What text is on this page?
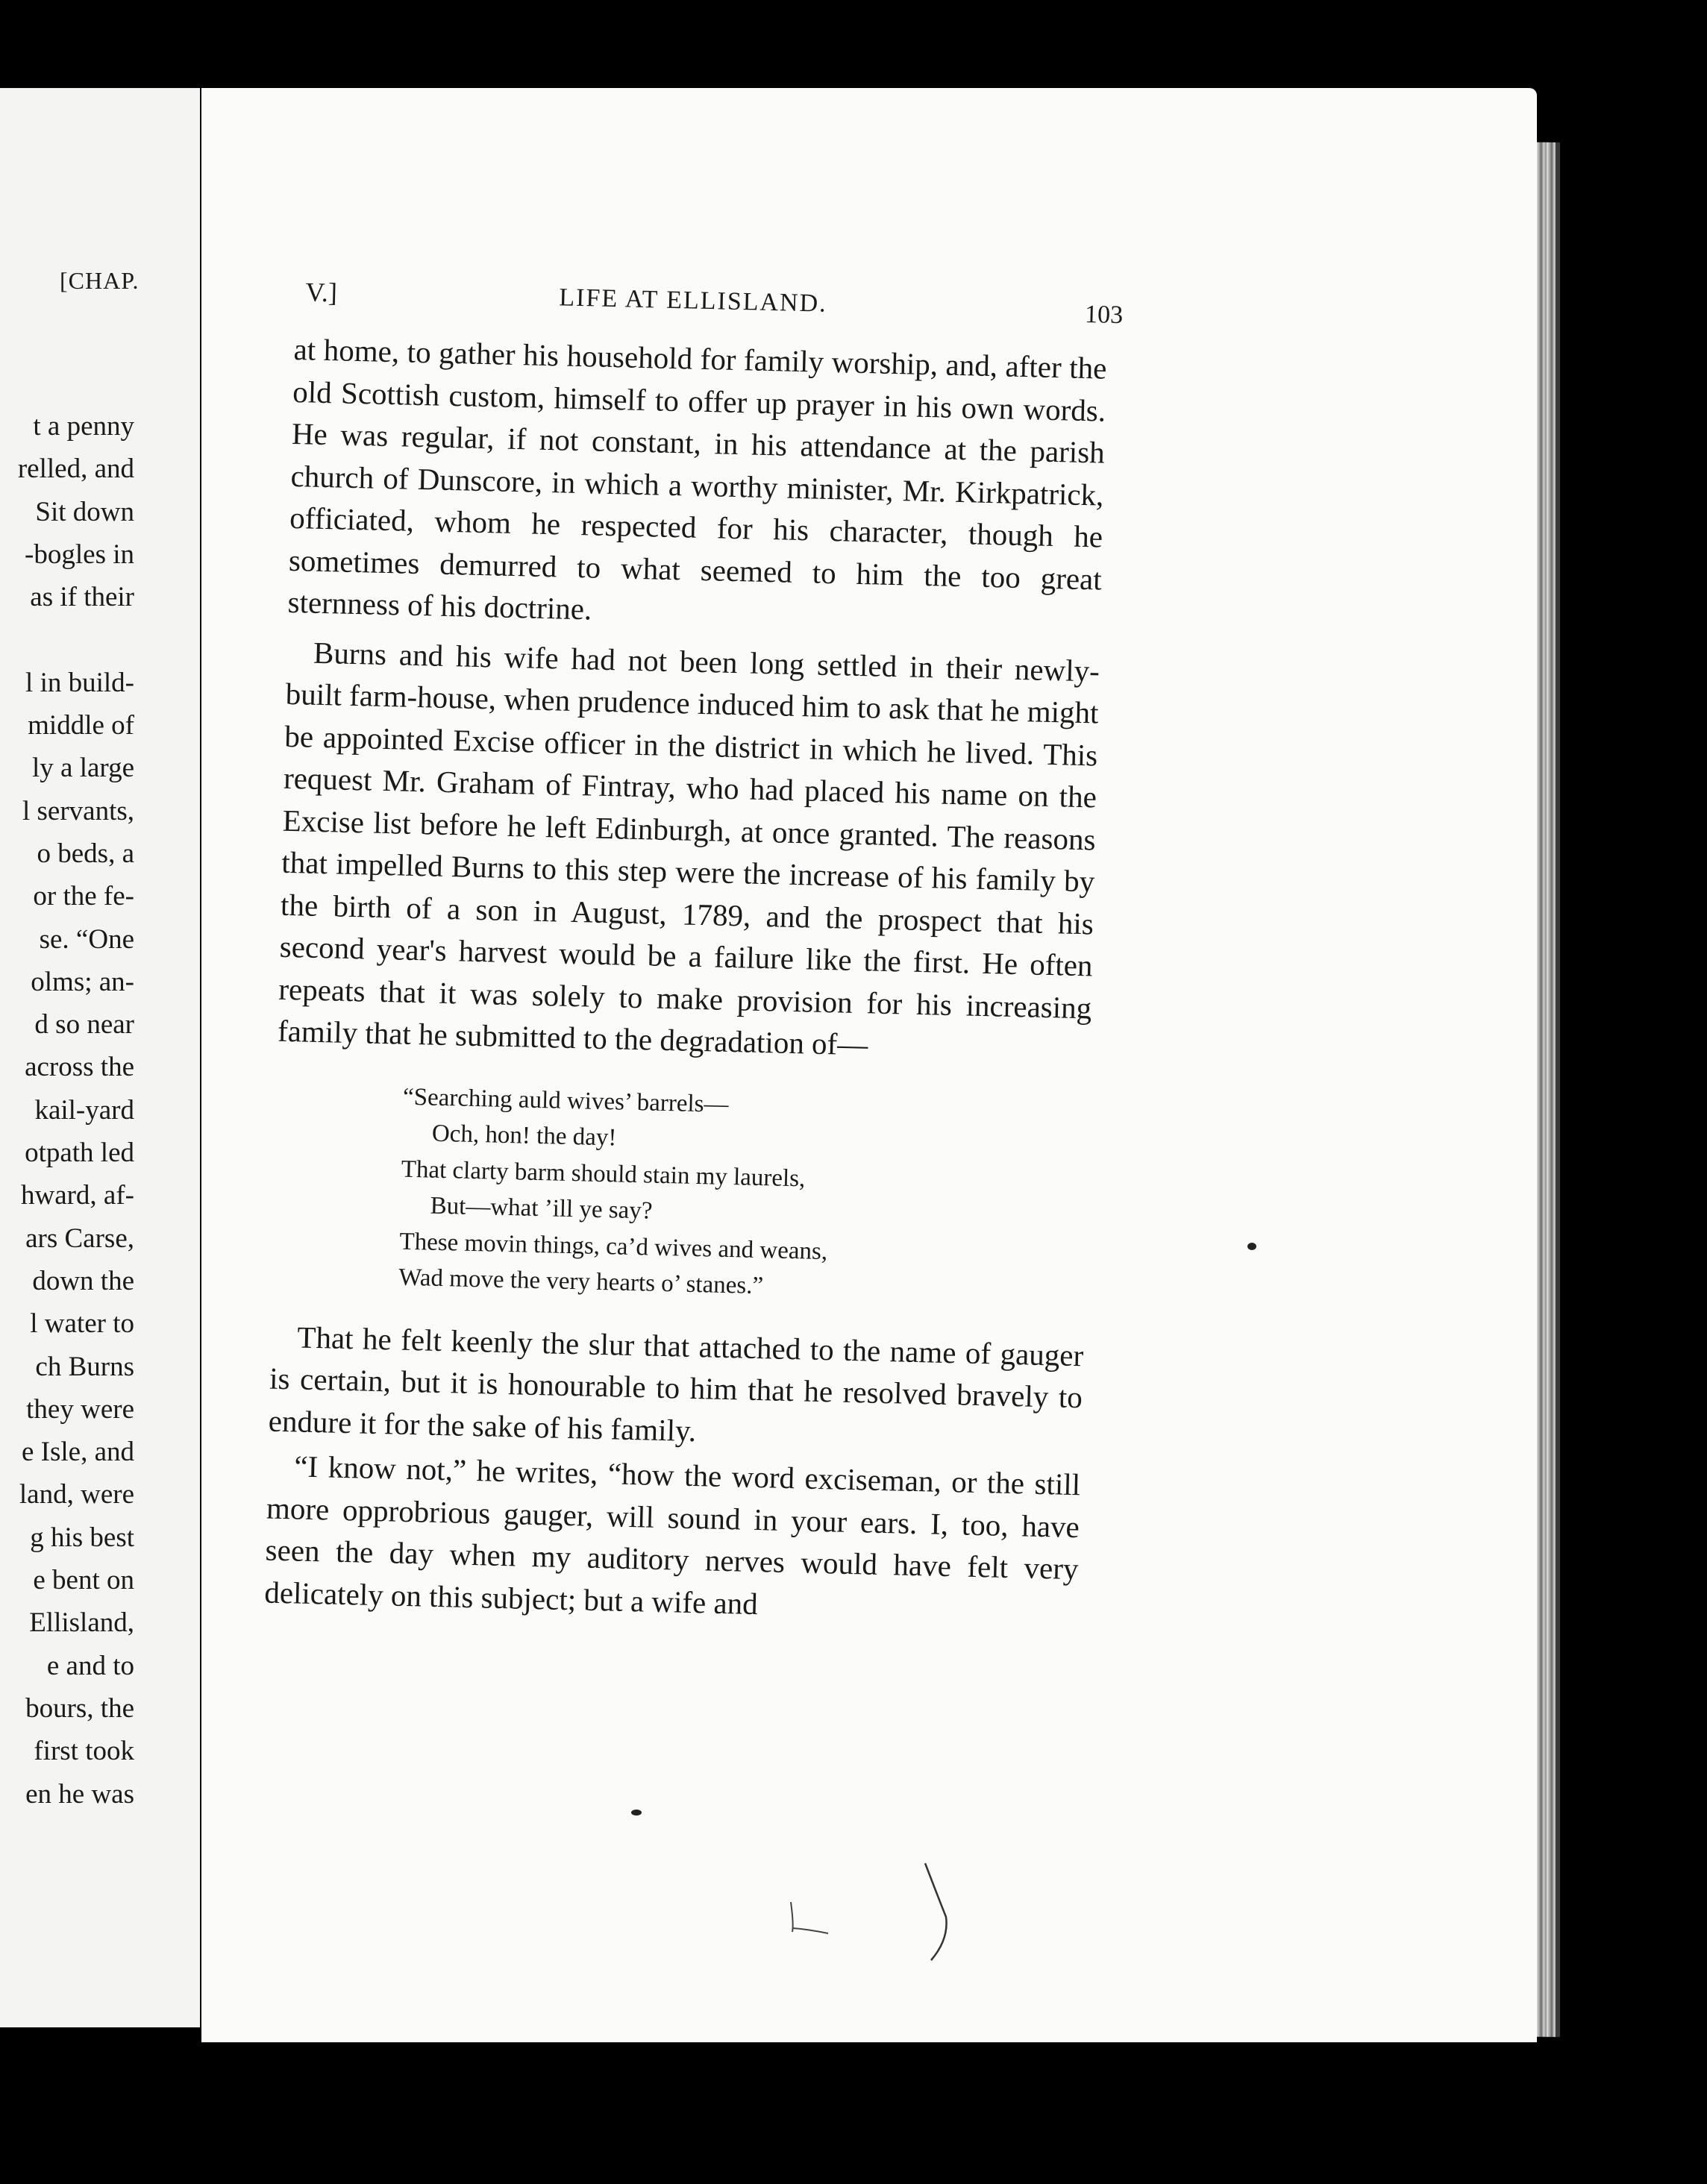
[CHAP.
t a penny
relled, and
Sit down
-bogles in
as if their
l in build-
middle of
ly a large
l servants,
o beds, a
or the fe-
se. “One
olms; an-
d so near
across the
kail-yard
otpath led
hward, af-
ars Carse,
down the
l water to
ch Burns
they were
e Isle, and
land, were
g his best
e bent on
Ellisland,
e and to
bours, the
first took
en he was
V.]	LIFE AT ELLISLAND.	103

at home, to gather his household for family worship, and, after the old Scottish custom, himself to offer up prayer in his own words. He was regular, if not constant, in his attendance at the parish church of Dunscore, in which a worthy minister, Mr. Kirkpatrick, officiated, whom he respected for his character, though he sometimes demurred to what seemed to him the too great sternness of his doctrine.

Burns and his wife had not been long settled in their newly-built farm-house, when prudence induced him to ask that he might be appointed Excise officer in the district in which he lived. This request Mr. Graham of Fintray, who had placed his name on the Excise list before he left Edinburgh, at once granted. The reasons that impelled Burns to this step were the increase of his family by the birth of a son in August, 1789, and the prospect that his second year's harvest would be a failure like the first. He often repeats that it was solely to make provision for his increasing family that he submitted to the degradation of—

“Searching auld wives’ barrels—
Och, hon! the day!
That clarty barm should stain my laurels,
But—what ’ill ye say?
These movin things, ca’d wives and weans,
Wad move the very hearts o’ stanes.”

That he felt keenly the slur that attached to the name of gauger is certain, but it is honourable to him that he resolved bravely to endure it for the sake of his family.

“I know not,” he writes, “how the word exciseman, or the still more opprobrious gauger, will sound in your ears. I, too, have seen the day when my auditory nerves would have felt very delicately on this subject; but a wife and
